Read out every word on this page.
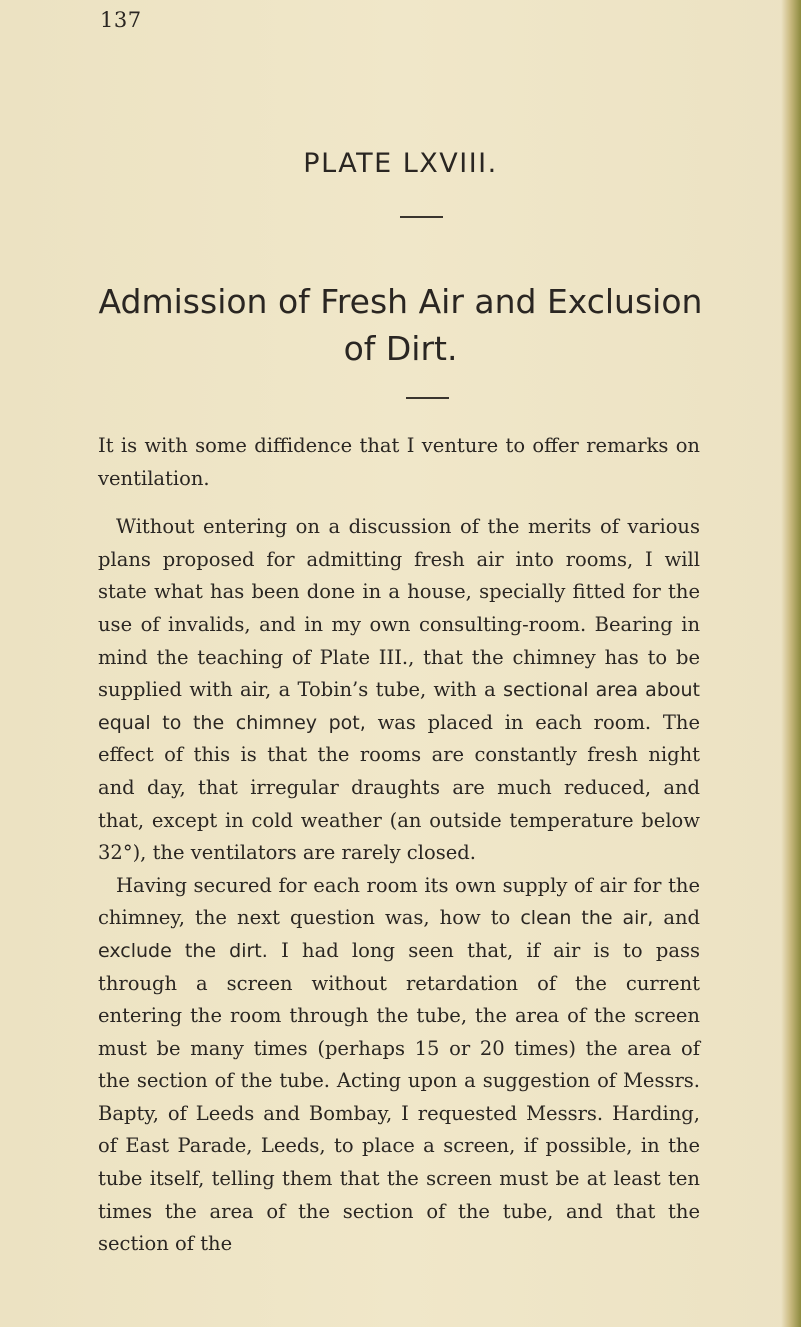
137
PLATE LXVIII.
Admission of Fresh Air and Exclusion
of Dirt.

It is with some diffidence that I venture to offer remarks on ventilation.

Without entering on a discussion of the merits of various plans proposed for admitting fresh air into rooms, I will state what has been done in a house, specially fitted for the use of invalids, and in my own consulting-room. Bearing in mind the teaching of Plate III., that the chimney has to be supplied with air, a Tobin’s tube, with a sectional area about equal to the chimney pot, was placed in each room. The effect of this is that the rooms are constantly fresh night and day, that irregular draughts are much reduced, and that, except in cold weather (an outside temperature below 32°), the ventilators are rarely closed.

Having secured for each room its own supply of air for the chimney, the next question was, how to clean the air, and exclude the dirt. I had long seen that, if air is to pass through a screen without retardation of the current entering the room through the tube, the area of the screen must be many times (perhaps 15 or 20 times) the area of the section of the tube. Acting upon a suggestion of Messrs. Bapty, of Leeds and Bombay, I requested Messrs. Harding, of East Parade, Leeds, to place a screen, if possible, in the tube itself, telling them that the screen must be at least ten times the area of the section of the tube, and that the section of the
